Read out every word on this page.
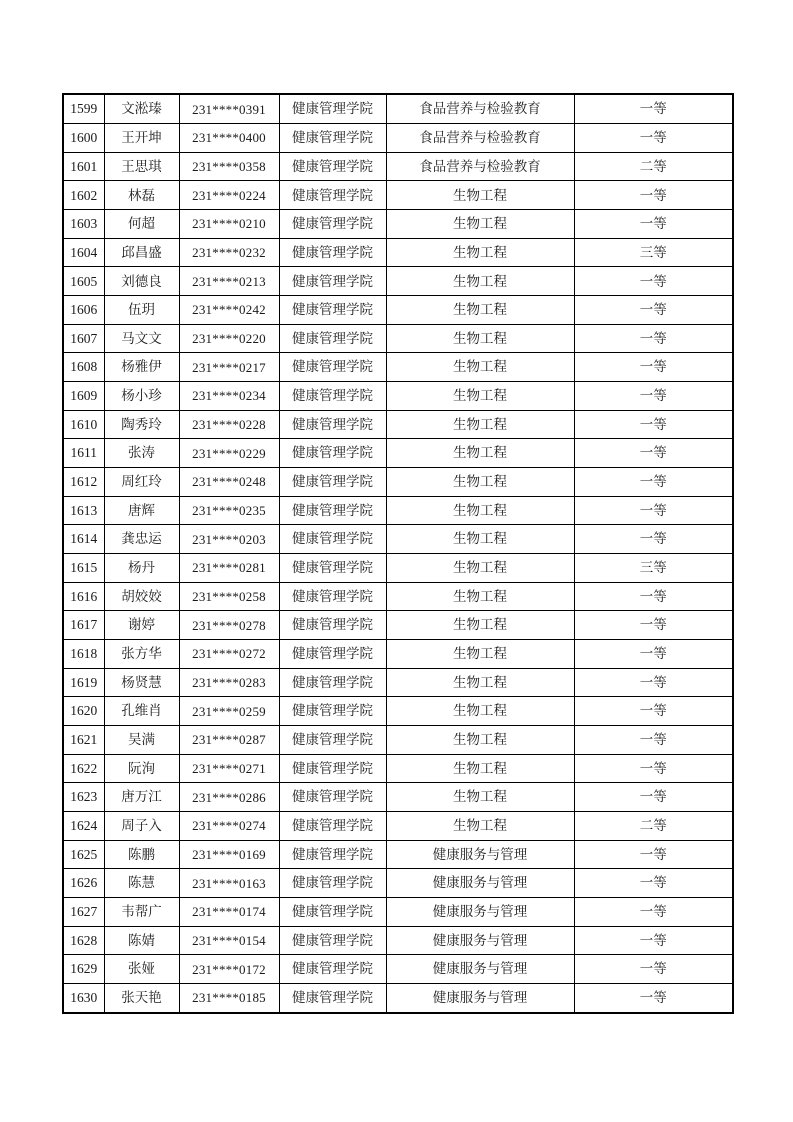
1599	文淞瑧	231****0391	健康管理学院	食品营养与检验教育	一等
1600	王开坤	231****0400	健康管理学院	食品营养与检验教育	一等
1601	王思琪	231****0358	健康管理学院	食品营养与检验教育	二等
1602	林磊	231****0224	健康管理学院	生物工程	一等
1603	何超	231****0210	健康管理学院	生物工程	一等
1604	邱昌盛	231****0232	健康管理学院	生物工程	三等
1605	刘德良	231****0213	健康管理学院	生物工程	一等
1606	伍玥	231****0242	健康管理学院	生物工程	一等
1607	马文文	231****0220	健康管理学院	生物工程	一等
1608	杨雅伊	231****0217	健康管理学院	生物工程	一等
1609	杨小珍	231****0234	健康管理学院	生物工程	一等
1610	陶秀玲	231****0228	健康管理学院	生物工程	一等
1611	张涛	231****0229	健康管理学院	生物工程	一等
1612	周红玲	231****0248	健康管理学院	生物工程	一等
1613	唐辉	231****0235	健康管理学院	生物工程	一等
1614	龚忠运	231****0203	健康管理学院	生物工程	一等
1615	杨丹	231****0281	健康管理学院	生物工程	三等
1616	胡姣姣	231****0258	健康管理学院	生物工程	一等
1617	谢婷	231****0278	健康管理学院	生物工程	一等
1618	张方华	231****0272	健康管理学院	生物工程	一等
1619	杨贤慧	231****0283	健康管理学院	生物工程	一等
1620	孔维肖	231****0259	健康管理学院	生物工程	一等
1621	吴满	231****0287	健康管理学院	生物工程	一等
1622	阮洵	231****0271	健康管理学院	生物工程	一等
1623	唐万江	231****0286	健康管理学院	生物工程	一等
1624	周子入	231****0274	健康管理学院	生物工程	二等
1625	陈鹏	231****0169	健康管理学院	健康服务与管理	一等
1626	陈慧	231****0163	健康管理学院	健康服务与管理	一等
1627	韦帮广	231****0174	健康管理学院	健康服务与管理	一等
1628	陈婧	231****0154	健康管理学院	健康服务与管理	一等
1629	张娅	231****0172	健康管理学院	健康服务与管理	一等
1630	张天艳	231****0185	健康管理学院	健康服务与管理	一等
